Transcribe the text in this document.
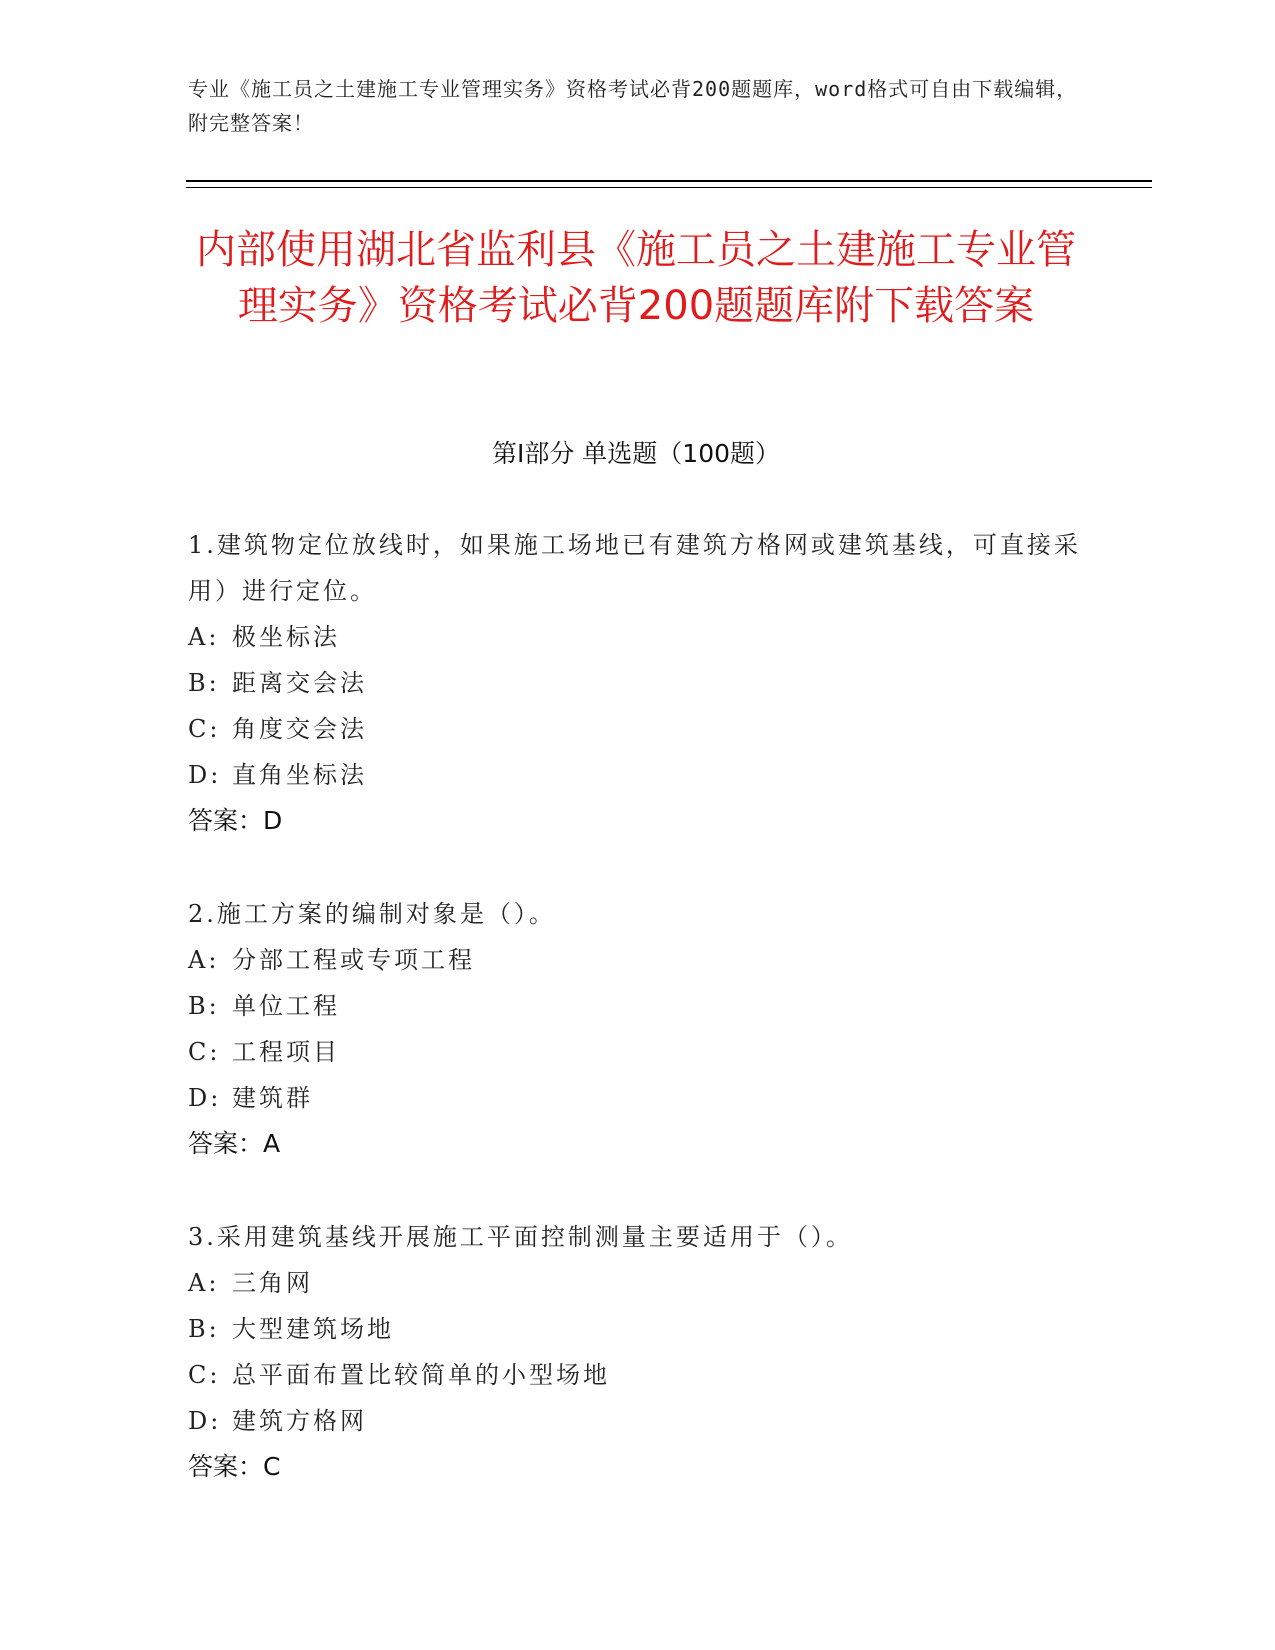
专业《施工员之土建施工专业管理实务》资格考试必背200题题库，word格式可自由下载编辑，附完整答案！
内部使用湖北省监利县《施工员之土建施工专业管理实务》资格考试必背200题题库附下载答案
第Ⅰ部分 单选题（100题）
1.建筑物定位放线时，如果施工场地已有建筑方格网或建筑基线，可直接采用）进行定位。
A: 极坐标法
B: 距离交会法
C: 角度交会法
D: 直角坐标法
答案：D
2.施工方案的编制对象是（）。
A: 分部工程或专项工程
B: 单位工程
C: 工程项目
D: 建筑群
答案：A
3.采用建筑基线开展施工平面控制测量主要适用于（）。
A: 三角网
B: 大型建筑场地
C: 总平面布置比较简单的小型场地
D: 建筑方格网
答案：C
